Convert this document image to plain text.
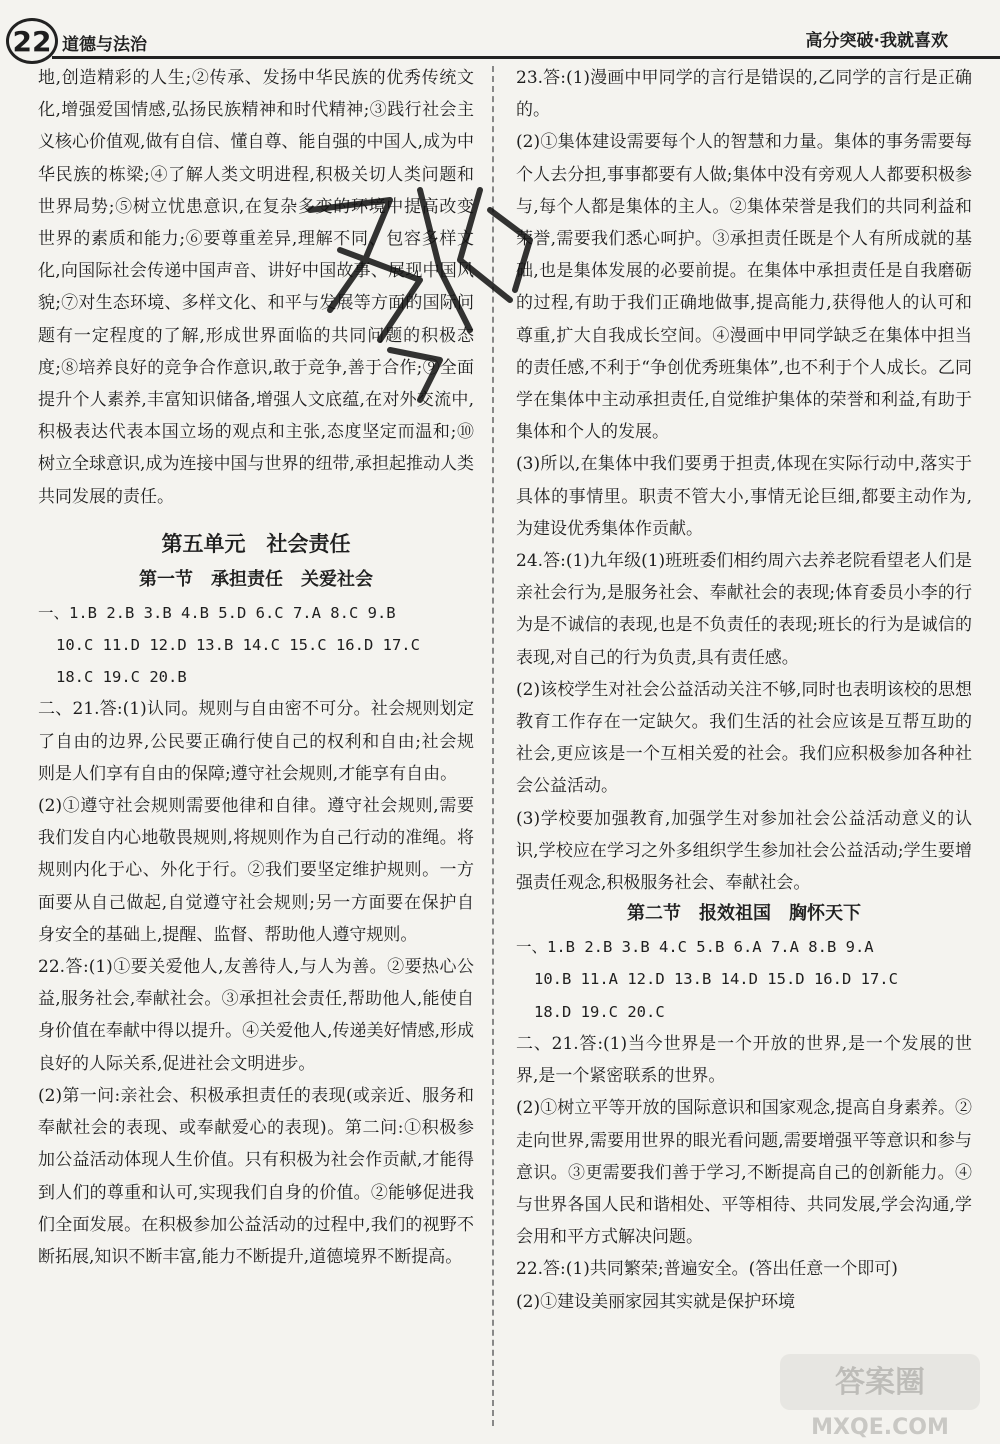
22 道德与法治	高分突破·我就喜欢

地,创造精彩的人生;②传承、发扬中华民族的优秀传统文化,增强爱国情感,弘扬民族精神和时代精神;③践行社会主义核心价值观,做有自信、懂自尊、能自强的中国人,成为中华民族的栋梁;④了解人类文明进程,积极关切人类问题和世界局势;⑤树立忧患意识,在复杂多变的环境中提高改变世界的素质和能力;⑥要尊重差异,理解不同、包容多样文化,向国际社会传递中国声音、讲好中国故事、展现中国风貌;⑦对生态环境、多样文化、和平与发展等方面的国际问题有一定程度的了解,形成世界面临的共同问题的积极态度;⑧培养良好的竞争合作意识,敢于竞争,善于合作;⑨全面提升个人素养,丰富知识储备,增强人文底蕴,在对外交流中,积极表达代表本国立场的观点和主张,态度坚定而温和;⑩树立全球意识,成为连接中国与世界的纽带,承担起推动人类共同发展的责任。

第五单元　社会责任
第一节　承担责任　关爱社会

一、1.B 2.B 3.B 4.B 5.D 6.C 7.A 8.C 9.B

10.C 11.D 12.D 13.B 14.C 15.C 16.D 17.C

18.C 19.C 20.B

二、21.答:(1)认同。规则与自由密不可分。社会规则划定了自由的边界,公民要正确行使自己的权利和自由;社会规则是人们享有自由的保障;遵守社会规则,才能享有自由。

(2)①遵守社会规则需要他律和自律。遵守社会规则,需要我们发自内心地敬畏规则,将规则作为自己行动的准绳。将规则内化于心、外化于行。②我们要坚定维护规则。一方面要从自己做起,自觉遵守社会规则;另一方面要在保护自身安全的基础上,提醒、监督、帮助他人遵守规则。

22.答:(1)①要关爱他人,友善待人,与人为善。②要热心公益,服务社会,奉献社会。③承担社会责任,帮助他人,能使自身价值在奉献中得以提升。④关爱他人,传递美好情感,形成良好的人际关系,促进社会文明进步。

(2)第一问:亲社会、积极承担责任的表现(或亲近、服务和奉献社会的表现、或奉献爱心的表现)。第二问:①积极参加公益活动体现人生价值。只有积极为社会作贡献,才能得到人们的尊重和认可,实现我们自身的价值。②能够促进我们全面发展。在积极参加公益活动的过程中,我们的视野不断拓展,知识不断丰富,能力不断提升,道德境界不断提高。

23.答:(1)漫画中甲同学的言行是错误的,乙同学的言行是正确的。

(2)①集体建设需要每个人的智慧和力量。集体的事务需要每个人去分担,事事都要有人做;集体中没有旁观人人都要积极参与,每个人都是集体的主人。②集体荣誉是我们的共同利益和荣誉,需要我们悉心呵护。③承担责任既是个人有所成就的基础,也是集体发展的必要前提。在集体中承担责任是自我磨砺的过程,有助于我们正确地做事,提高能力,获得他人的认可和尊重,扩大自我成长空间。④漫画中甲同学缺乏在集体中担当的责任感,不利于“争创优秀班集体”,也不利于个人成长。乙同学在集体中主动承担责任,自觉维护集体的荣誉和利益,有助于集体和个人的发展。

(3)所以,在集体中我们要勇于担责,体现在实际行动中,落实于具体的事情里。职责不管大小,事情无论巨细,都要主动作为,为建设优秀集体作贡献。

24.答:(1)九年级(1)班班委们相约周六去养老院看望老人们是亲社会行为,是服务社会、奉献社会的表现;体育委员小李的行为是不诚信的表现,也是不负责任的表现;班长的行为是诚信的表现,对自己的行为负责,具有责任感。

(2)该校学生对社会公益活动关注不够,同时也表明该校的思想教育工作存在一定缺欠。我们生活的社会应该是互帮互助的社会,更应该是一个互相关爱的社会。我们应积极参加各种社会公益活动。

(3)学校要加强教育,加强学生对参加社会公益活动意义的认识,学校应在学习之外多组织学生参加社会公益活动;学生要增强责任观念,积极服务社会、奉献社会。

第二节　报效祖国　胸怀天下

一、1.B 2.B 3.B 4.C 5.B 6.A 7.A 8.B 9.A

10.B 11.A 12.D 13.B 14.D 15.D 16.D 17.C

18.D 19.C 20.C

二、21.答:(1)当今世界是一个开放的世界,是一个发展的世界,是一个紧密联系的世界。

(2)①树立平等开放的国际意识和国家观念,提高自身素养。②走向世界,需要用世界的眼光看问题,需要增强平等意识和参与意识。③更需要我们善于学习,不断提高自己的创新能力。④与世界各国人民和谐相处、平等相待、共同发展,学会沟通,学会用和平方式解决问题。

22.答:(1)共同繁荣;普遍安全。(答出任意一个即可)

(2)①建设美丽家园其实就是保护环境

答案圈
MXQE.COM
